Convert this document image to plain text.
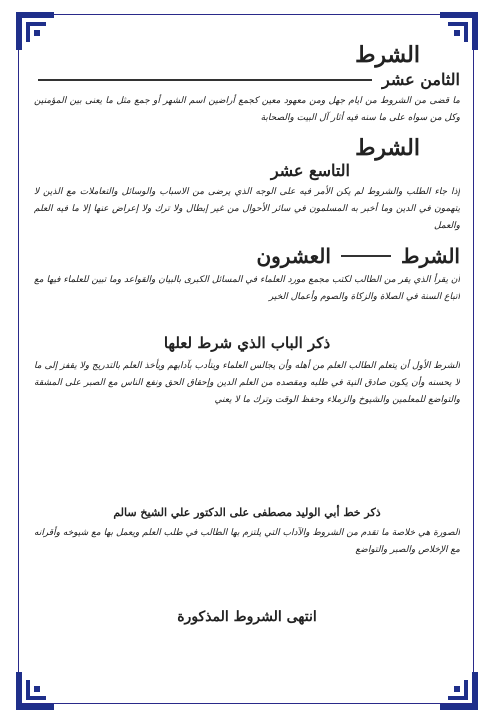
الشرط
الثامن عشر
ما قضى من الشروط من ايام جهل ومن معهود معين كجمع أراضين اسم الشهر أو جمع مثل ما يعنى بين المؤمنين وكل من سواه على ما سنه فيه أثار آل البيت والصحابة
الشرط
التاسع عشر
إذا جاء الطلب والشروط لم يكن الأمر فيه على الوجه الذي يرضى من الاسباب والوسائل والتعاملات مع الذين لا يتهمون في الدين وما أخبر به المسلمون في سائر الأحوال من غير إبطال ولا ترك ولا إعراض عنها إلا ما فيه العلم والعمل
الشرط
العشرون
أن يقرأ الذي يقر من الطالب لكتب مجمع مورد العلماء في المسائل الكبرى بالبيان والقواعد وما تبين للعلماء فيها مع اتباع السنة في الصلاة والزكاة والصوم وأعمال الخير
ذكر الباب الذي شرط لعلها
الشرط الأول أن يتعلم الطالب العلم من أهله وأن يجالس العلماء ويتأدب بآدابهم ويأخذ العلم بالتدريج ولا يقفز إلى ما لا يحسنه وأن يكون صادق النية في طلبه ومقصده من العلم الدين وإحقاق الحق ونفع الناس مع الصبر على المشقة والتواضع للمعلمين والشيوخ والزملاء وحفظ الوقت وترك ما لا يعني
ذكر خط أبي الوليد مصطفى على الدكتور علي الشيخ سالم
الصورة هي خلاصة ما تقدم من الشروط والآداب التي يلتزم بها الطالب في طلب العلم ويعمل بها مع شيوخه وأقرانه مع الإخلاص والصبر والتواضع
انتهى الشروط المذكورة
